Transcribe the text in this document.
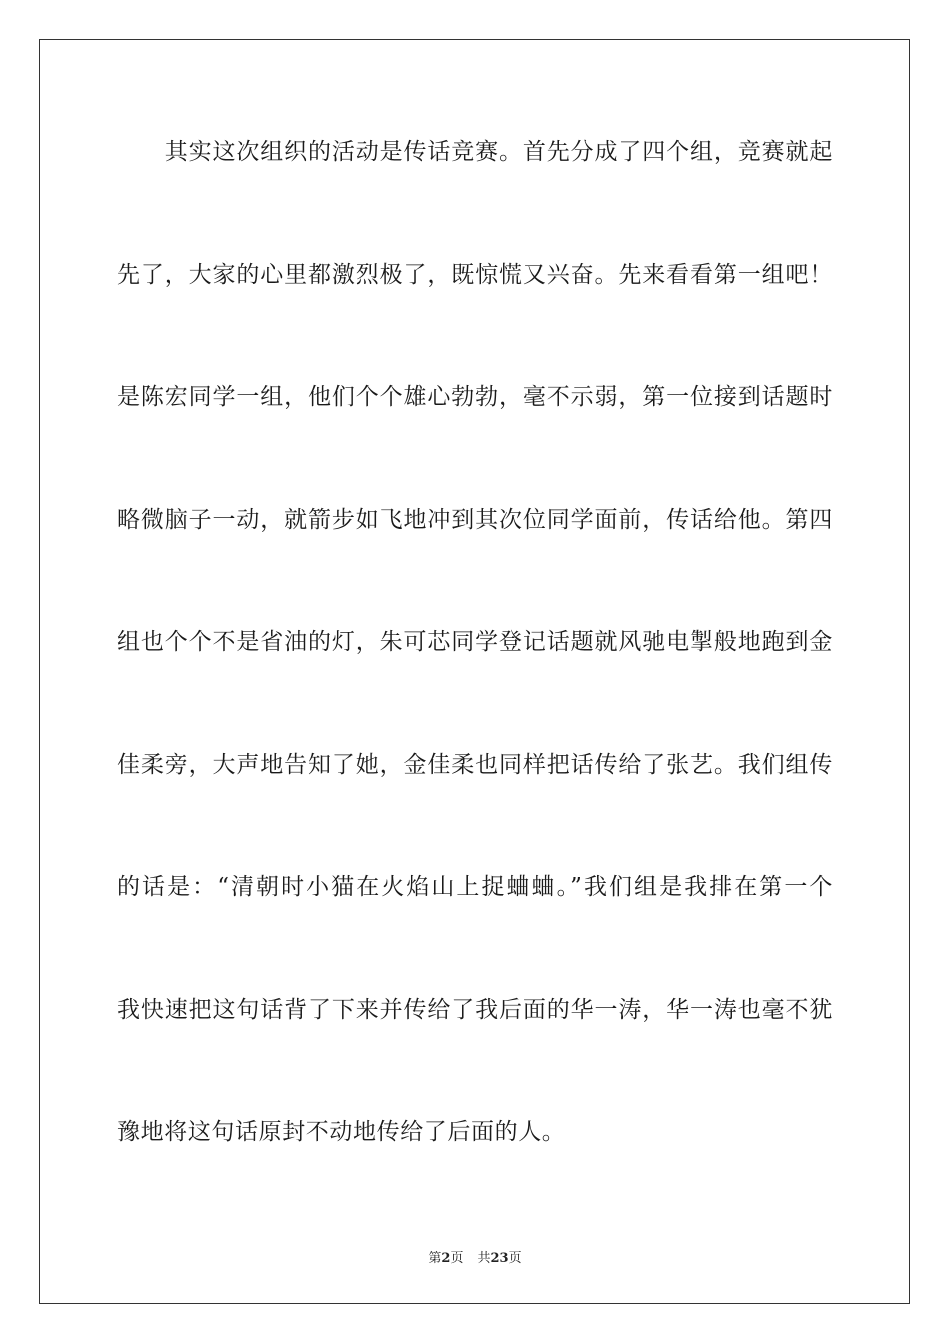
　　其实这次组织的活动是传话竞赛。首先分成了四个组，竞赛就起
先了，大家的心里都激烈极了，既惊慌又兴奋。先来看看第一组吧！
是陈宏同学一组，他们个个雄心勃勃，毫不示弱，第一位接到话题时
略微脑子一动，就箭步如飞地冲到其次位同学面前，传话给他。第四
组也个个不是省油的灯，朱可芯同学登记话题就风驰电掣般地跑到金
佳柔旁，大声地告知了她，金佳柔也同样把话传给了张艺。我们组传
的话是：“清朝时小猫在火焰山上捉蛐蛐。”我们组是我排在第一个
我快速把这句话背了下来并传给了我后面的华一涛，华一涛也毫不犹
豫地将这句话原封不动地传给了后面的人。
第2页 共23页
